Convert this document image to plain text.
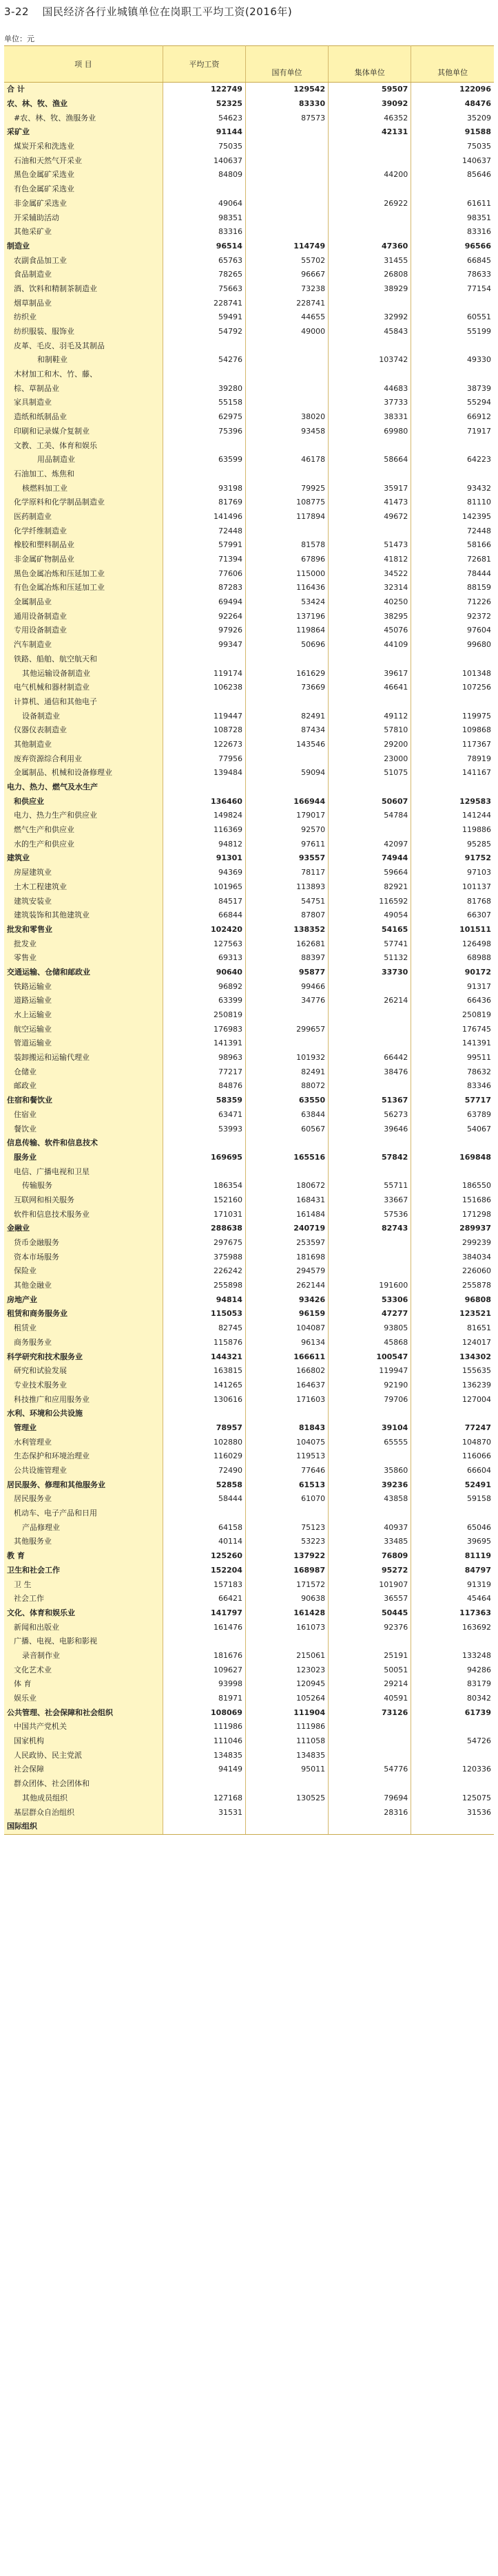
3-22 国民经济各行业城镇单位在岗职工平均工资(2016年)
单位：元
项 目	平均工资	国有单位	集体单位	其他单位
合 计	122749	129542	59507	122096
农、林、牧、渔业	52325	83330	39092	48476
#农、林、牧、渔服务业	54623	87573	46352	35209
采矿业	91144		42131	91588
煤炭开采和洗选业	75035			75035
石油和天然气开采业	140637			140637
黑色金属矿采选业	84809		44200	85646
有色金属矿采选业				
非金属矿采选业	49064		26922	61611
开采辅助活动	98351			98351
其他采矿业	83316			83316
制造业	96514	114749	47360	96566
农副食品加工业	65763	55702	31455	66845
食品制造业	78265	96667	26808	78633
酒、饮料和精制茶制造业	75663	73238	38929	77154
烟草制品业	228741	228741		
纺织业	59491	44655	32992	60551
纺织服装、服饰业	54792	49000	45843	55199
皮革、毛皮、羽毛及其制品				
和制鞋业	54276		103742	49330
木材加工和木、竹、藤、				
棕、草制品业	39280		44683	38739
家具制造业	55158		37733	55294
造纸和纸制品业	62975	38020	38331	66912
印刷和记录媒介复制业	75396	93458	69980	71917
文教、工美、体育和娱乐				
用品制造业	63599	46178	58664	64223
石油加工、炼焦和				
核燃料加工业	93198	79925	35917	93432
化学原料和化学制品制造业	81769	108775	41473	81110
医药制造业	141496	117894	49672	142395
化学纤维制造业	72448			72448
橡胶和塑料制品业	57991	81578	51473	58166
非金属矿物制品业	71394	67896	41812	72681
黑色金属冶炼和压延加工业	77606	115000	34522	78444
有色金属冶炼和压延加工业	87283	116436	32314	88159
金属制品业	69494	53424	40250	71226
通用设备制造业	92264	137196	38295	92372
专用设备制造业	97926	119864	45076	97604
汽车制造业	99347	50696	44109	99680
铁路、船舶、航空航天和				
其他运输设备制造业	119174	161629	39617	101348
电气机械和器材制造业	106238	73669	46641	107256
计算机、通信和其他电子				
设备制造业	119447	82491	49112	119975
仪器仪表制造业	108728	87434	57810	109868
其他制造业	122673	143546	29200	117367
废弃资源综合利用业	77956		23000	78919
金属制品、机械和设备修理业	139484	59094	51075	141167
电力、热力、燃气及水生产				
和供应业	136460	166944	50607	129583
电力、热力生产和供应业	149824	179017	54784	141244
燃气生产和供应业	116369	92570		119886
水的生产和供应业	94812	97611	42097	95285
建筑业	91301	93557	74944	91752
房屋建筑业	94369	78117	59664	97103
土木工程建筑业	101965	113893	82921	101137
建筑安装业	84517	54751	116592	81768
建筑装饰和其他建筑业	66844	87807	49054	66307
批发和零售业	102420	138352	54165	101511
批发业	127563	162681	57741	126498
零售业	69313	88397	51132	68988
交通运输、仓储和邮政业	90640	95877	33730	90172
铁路运输业	96892	99466		91317
道路运输业	63399	34776	26214	66436
水上运输业	250819			250819
航空运输业	176983	299657		176745
管道运输业	141391			141391
装卸搬运和运输代理业	98963	101932	66442	99511
仓储业	77217	82491	38476	78632
邮政业	84876	88072		83346
住宿和餐饮业	58359	63550	51367	57717
住宿业	63471	63844	56273	63789
餐饮业	53993	60567	39646	54067
信息传输、软件和信息技术				
服务业	169695	165516	57842	169848
电信、广播电视和卫星				
传输服务	186354	180672	55711	186550
互联网和相关服务	152160	168431	33667	151686
软件和信息技术服务业	171031	161484	57536	171298
金融业	288638	240719	82743	289937
货币金融服务	297675	253597		299239
资本市场服务	375988	181698		384034
保险业	226242	294579		226060
其他金融业	255898	262144	191600	255878
房地产业	94814	93426	53306	96808
租赁和商务服务业	115053	96159	47277	123521
租赁业	82745	104087	93805	81651
商务服务业	115876	96134	45868	124017
科学研究和技术服务业	144321	166611	100547	134302
研究和试验发展	163815	166802	119947	155635
专业技术服务业	141265	164637	92190	136239
科技推广和应用服务业	130616	171603	79706	127004
水利、环境和公共设施				
管理业	78957	81843	39104	77247
水利管理业	102880	104075	65555	104870
生态保护和环境治理业	116029	119513		116066
公共设施管理业	72490	77646	35860	66604
居民服务、修理和其他服务业	52858	61513	39236	52491
居民服务业	58444	61070	43858	59158
机动车、电子产品和日用				
产品修理业	64158	75123	40937	65046
其他服务业	40114	53223	33485	39695
教 育	125260	137922	76809	81119
卫生和社会工作	152204	168987	95272	84797
卫 生	157183	171572	101907	91319
社会工作	66421	90638	36557	45464
文化、体育和娱乐业	141797	161428	50445	117363
新闻和出版业	161476	161073	92376	163692
广播、电视、电影和影视				
录音制作业	181676	215061	25191	133248
文化艺术业	109627	123023	50051	94286
体 育	93998	120945	29214	83179
娱乐业	81971	105264	40591	80342
公共管理、社会保障和社会组织	108069	111904	73126	61739
中国共产党机关	111986	111986		
国家机构	111046	111058		54726
人民政协、民主党派	134835	134835		
社会保障	94149	95011	54776	120336
群众团体、社会团体和				
其他成员组织	127168	130525	79694	125075
基层群众自治组织	31531		28316	31536
国际组织				
